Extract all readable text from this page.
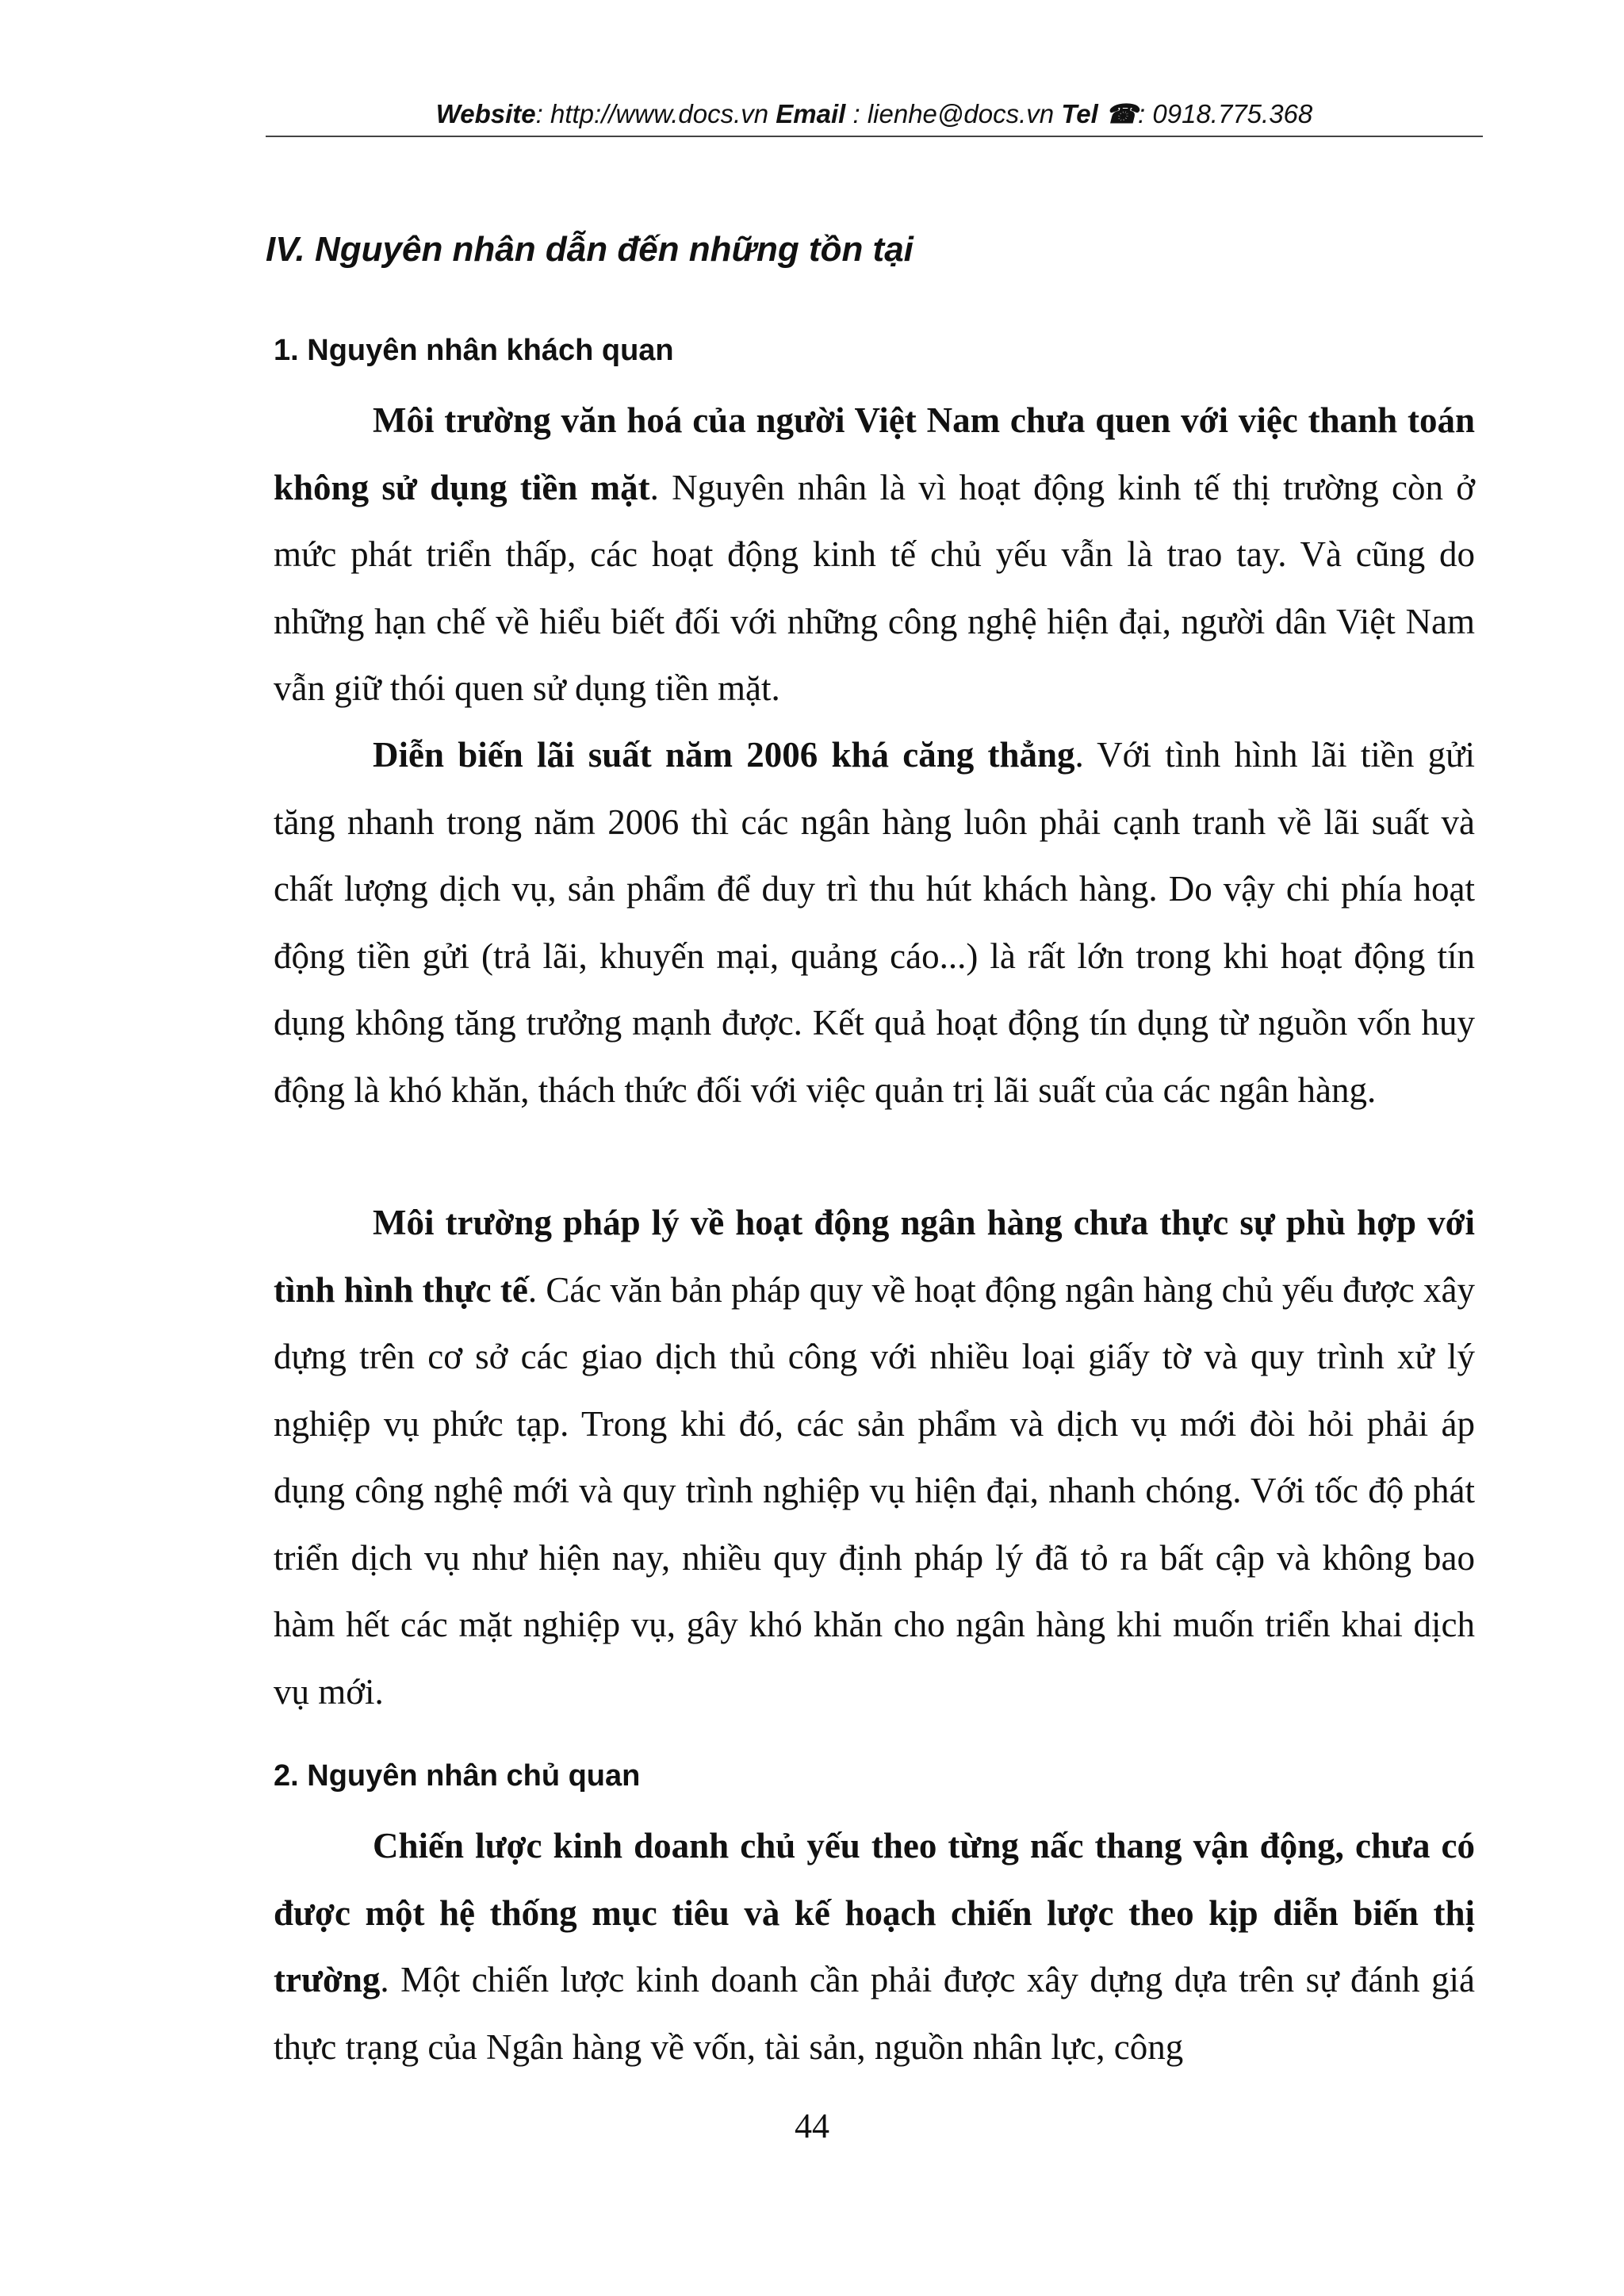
Website: http://www.docs.vn Email : lienhe@docs.vn Tel ☎: 0918.775.368
IV. Nguyên nhân dẫn đến những tồn tại
1. Nguyên nhân khách quan

Môi trường văn hoá của người Việt Nam chưa quen với việc thanh toán không sử dụng tiền mặt. Nguyên nhân là vì hoạt động kinh tế thị trường còn ở mức phát triển thấp, các hoạt động kinh tế chủ yếu vẫn là trao tay. Và cũng do những hạn chế về hiểu biết đối với những công nghệ hiện đại, người dân Việt Nam vẫn giữ thói quen sử dụng tiền mặt.

Diễn biến lãi suất năm 2006 khá căng thẳng. Với tình hình lãi tiền gửi tăng nhanh trong năm 2006 thì các ngân hàng luôn phải cạnh tranh về lãi suất và chất lượng dịch vụ, sản phẩm để duy trì thu hút khách hàng. Do vậy chi phía hoạt động tiền gửi (trả lãi, khuyến mại, quảng cáo...) là rất lớn trong khi hoạt động tín dụng không tăng trưởng mạnh được. Kết quả hoạt động tín dụng từ nguồn vốn huy động là khó khăn, thách thức đối với việc quản trị lãi suất của các ngân hàng.

Môi trường pháp lý về hoạt động ngân hàng chưa thực sự phù hợp với tình hình thực tế. Các văn bản pháp quy về hoạt động ngân hàng chủ yếu được xây dựng trên cơ sở các giao dịch thủ công với nhiều loại giấy tờ và quy trình xử lý nghiệp vụ phức tạp. Trong khi đó, các sản phẩm và dịch vụ mới đòi hỏi phải áp dụng công nghệ mới và quy trình nghiệp vụ hiện đại, nhanh chóng. Với tốc độ phát triển dịch vụ như hiện nay, nhiều quy định pháp lý đã tỏ ra bất cập và không bao hàm hết các mặt nghiệp vụ, gây khó khăn cho ngân hàng khi muốn triển khai dịch vụ mới.

2. Nguyên nhân chủ quan

Chiến lược kinh doanh chủ yếu theo từng nấc thang vận động, chưa có được một hệ thống mục tiêu và kế hoạch chiến lược theo kịp diễn biến thị trường. Một chiến lược kinh doanh cần phải được xây dựng dựa trên sự đánh giá thực trạng của Ngân hàng về vốn, tài sản, nguồn nhân lực, công

44
